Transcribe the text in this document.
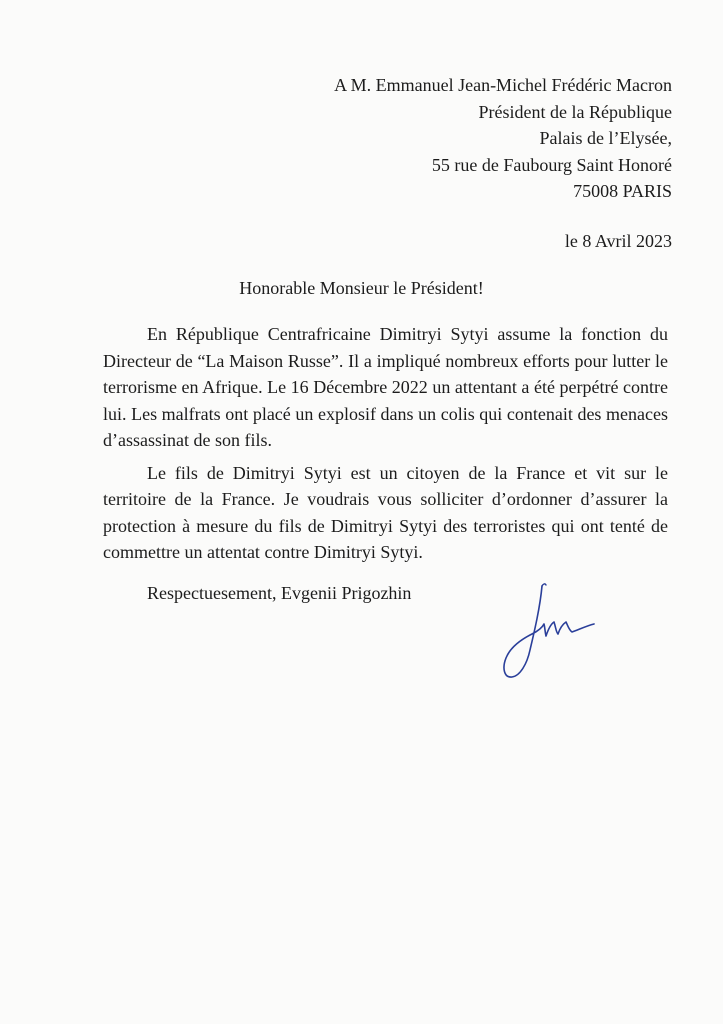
A M. Emmanuel Jean-Michel Frédéric Macron
Président de la République
Palais de l’Elysée,
55 rue de Faubourg Saint Honoré
75008 PARIS
le 8 Avril 2023
Honorable Monsieur le Président!

En République Centrafricaine Dimitryi Sytyi assume la fonction du Directeur de “La Maison Russe”. Il a impliqué nombreux efforts pour lutter le terrorisme en Afrique. Le 16 Décembre 2022 un attentant a été perpétré contre lui. Les malfrats ont placé un explosif dans un colis qui contenait des menaces d’assassinat de son fils.

Le fils de Dimitryi Sytyi est un citoyen de la France et vit sur le territoire de la France. Je voudrais vous solliciter d’ordonner d’assurer la protection à mesure du fils de Dimitryi Sytyi des terroristes qui ont tenté de commettre un attentat contre Dimitryi Sytyi.

Respectuesement, Evgenii Prigozhin
